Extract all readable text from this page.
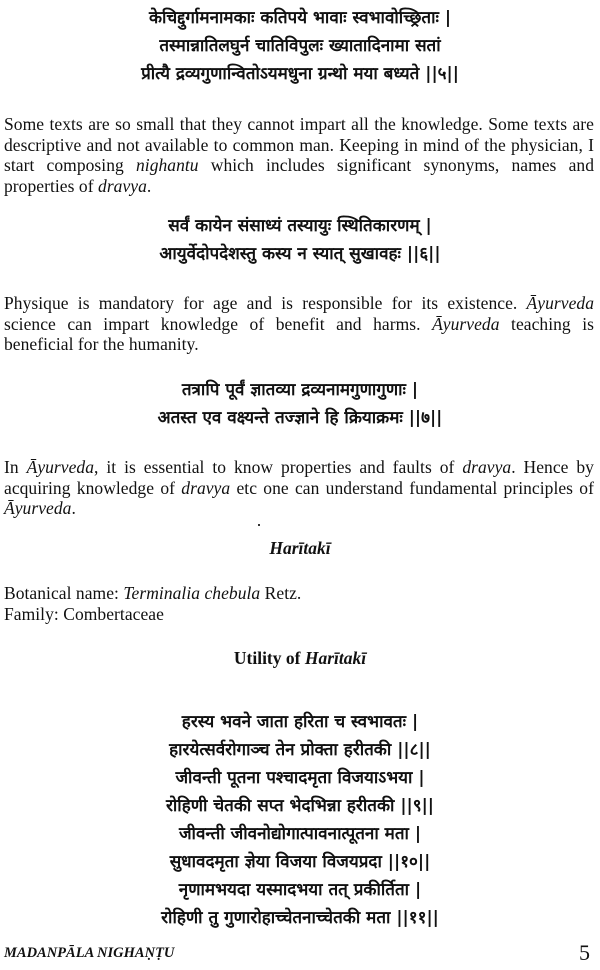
केचिद्दुर्गामनामकाः कतिपये भावाः स्वभावोच्छ्रिताः |
तस्मान्नातिलघुर्न चातिविपुलः ख्यातादिनामा सतां
प्रीत्यै द्रव्यगुणान्वितोऽयमधुना ग्रन्थो मया बध्यते ||५||
Some texts are so small that they cannot impart all the knowledge. Some texts are descriptive and not available to common man. Keeping in mind of the physician, I start composing nighantu which includes significant synonyms, names and properties of dravya.
सर्वं कायेन संसाध्यं तस्यायुः स्थितिकारणम् |
आयुर्वेदोपदेशस्तु कस्य न स्यात् सुखावहः ||६||
Physique is mandatory for age and is responsible for its existence. Āyurveda science can impart knowledge of benefit and harms. Āyurveda teaching is beneficial for the humanity.
तत्रापि पूर्वं ज्ञातव्या द्रव्यनामगुणागुणाः |
अतस्त एव वक्ष्यन्ते तज्ज्ञाने हि क्रियाक्रमः ||७||
In Āyurveda, it is essential to know properties and faults of dravya. Hence by acquiring knowledge of dravya etc one can understand fundamental principles of Āyurveda.
Harītakī
Botanical name: Terminalia chebula Retz.
Family: Combertaceae
Utility of Harītakī
हरस्य भवने जाता हरिता च स्वभावतः |
हारयेत्सर्वरोगाञ्च तेन प्रोक्ता हरीतकी ||८||
जीवन्ती पूतना पश्चादमृता विजयाऽभया |
रोहिणी चेतकी सप्त भेदभिन्ना हरीतकी ||९||
जीवन्ती जीवनोद्योगात्पावनात्पूतना मता |
सुधावदमृता ज्ञेया विजया विजयप्रदा ||१०||
नृणामभयदा यस्मादभया तत् प्रकीर्तिता |
रोहिणी तु गुणारोहाच्चेतनाच्चेतकी मता ||११||
MADANPĀLA NIGHAṆṬU	5
